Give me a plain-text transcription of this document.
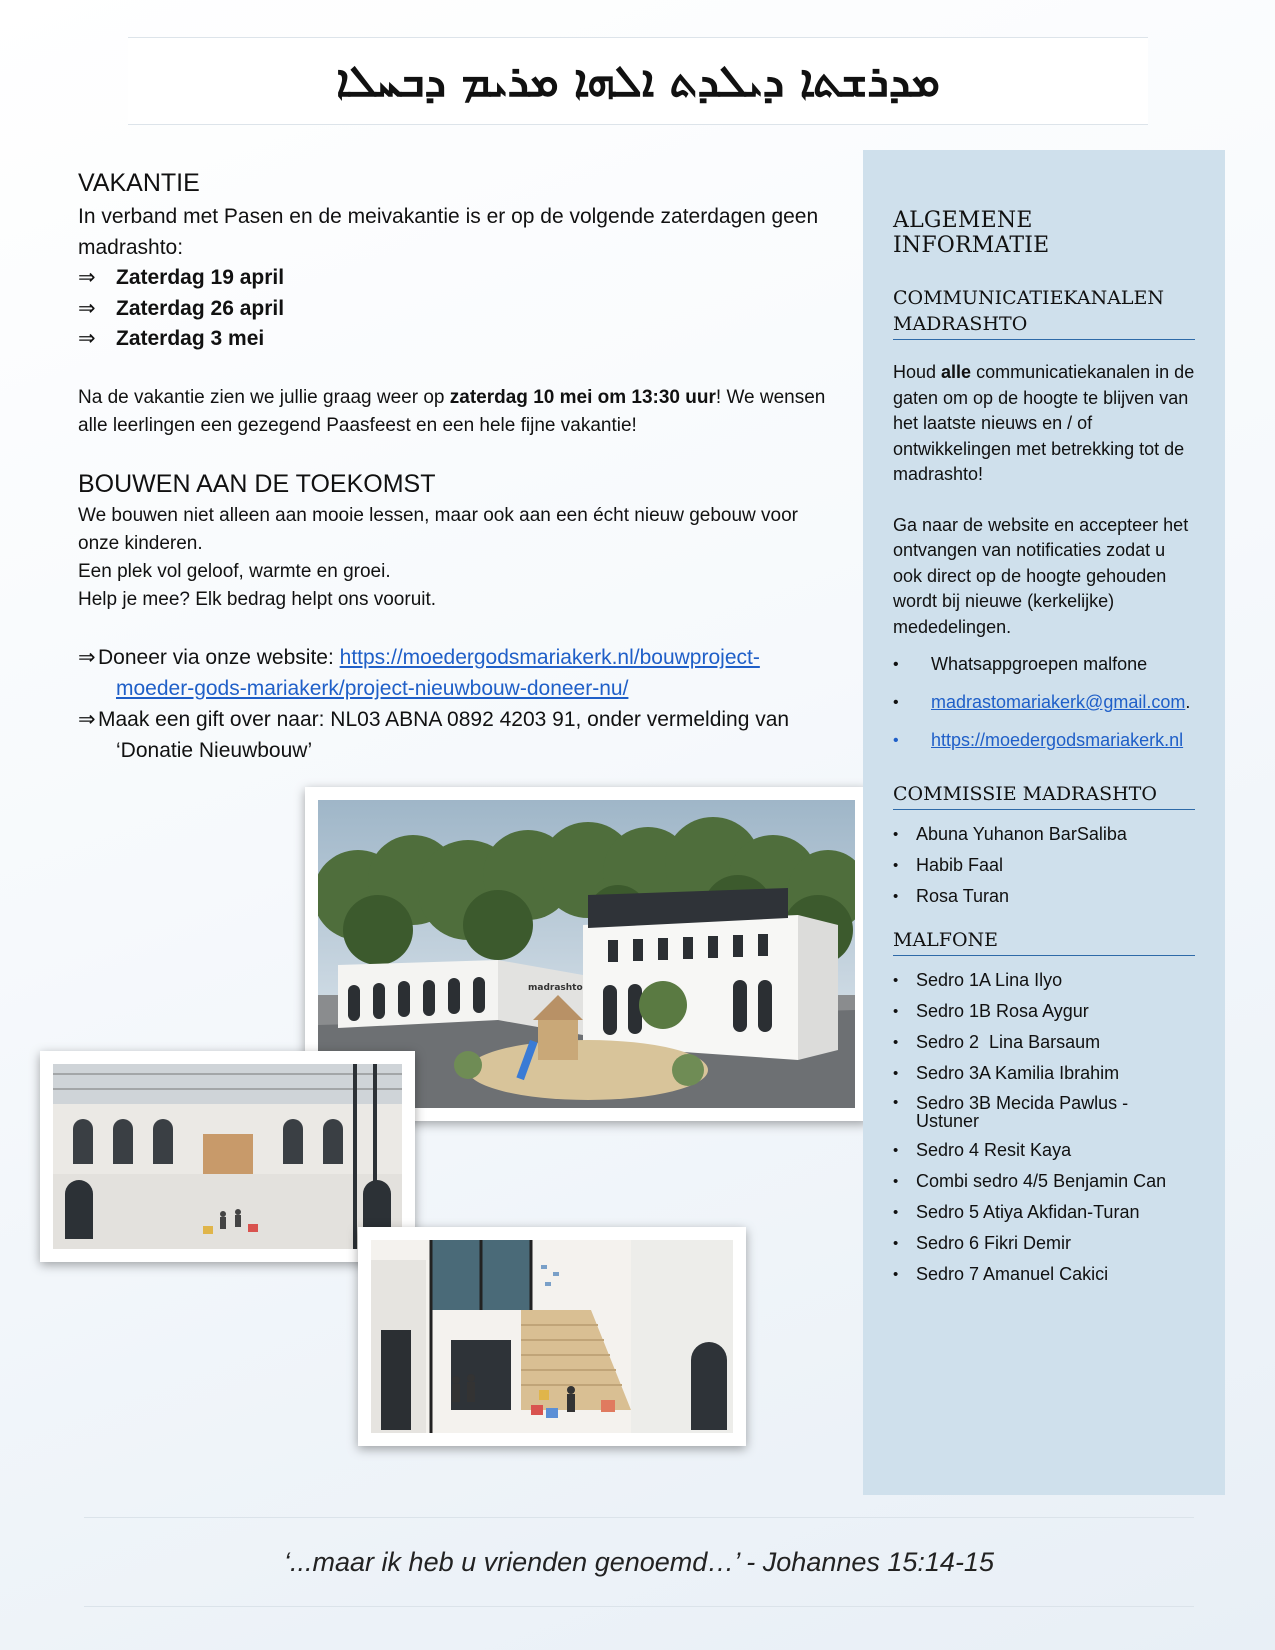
ܡܕܪܫܬܐ ܕܝܠܕܬ ܐܠܗܐ ܡܪܝܡ ܕܒܚܠܐ
VAKANTIE

In verband met Pasen en de meivakantie is er op de volgende zaterdagen geen madrashto:

⇒ Zaterdag 19 april
⇒ Zaterdag 26 april
⇒ Zaterdag 3 mei

Na de vakantie zien we jullie graag weer op zaterdag 10 mei om 13:30 uur! We wensen alle leerlingen een gezegend Paasfeest en een hele fijne vakantie!

BOUWEN AAN DE TOEKOMST

We bouwen niet alleen aan mooie lessen, maar ook aan een écht nieuw gebouw voor onze kinderen.

Een plek vol geloof, warmte en groei.

Help je mee? Elk bedrag helpt ons vooruit.

⇒ Doneer via onze website: https://moedergodsmariakerk.nl/bouwproject-moeder-gods-mariakerk/project-nieuwbouw-doneer-nu/

⇒ Maak een gift over naar: NL03 ABNA 0892 4203 91, onder vermelding van ‘Donatie Nieuwbouw’

madrashto
ALGEMENE INFORMATIE
COMMUNICATIEKANALEN MADRASHTO

Houd alle communicatiekanalen in de gaten om op de hoogte te blijven van het laatste nieuws en / of ontwikkelingen met betrekking tot de madrashto!

Ga naar de website en accepteer het ontvangen van notificaties zodat u ook direct op de hoogte gehouden wordt bij nieuwe (kerkelijke) mededelingen.

•	Whatsappgroepen malfone
•	madrastomariakerk@gmail.com.
•	https://moedergodsmariakerk.nl
COMMISSIE MADRASHTO
• Abuna Yuhanon BarSaliba
• Habib Faal
• Rosa Turan
MALFONE
• Sedro 1A Lina Ilyo
• Sedro 1B Rosa Aygur
• Sedro 2  Lina Barsaum
• Sedro 3A Kamilia Ibrahim
• Sedro 3B Mecida Pawlus - Ustuner
• Sedro 4 Resit Kaya
• Combi sedro 4/5 Benjamin Can
• Sedro 5 Atiya Akfidan-Turan
• Sedro 6 Fikri Demir
• Sedro 7 Amanuel Cakici
‘...maar ik heb u vrienden genoemd…’ - Johannes 15:14-15
